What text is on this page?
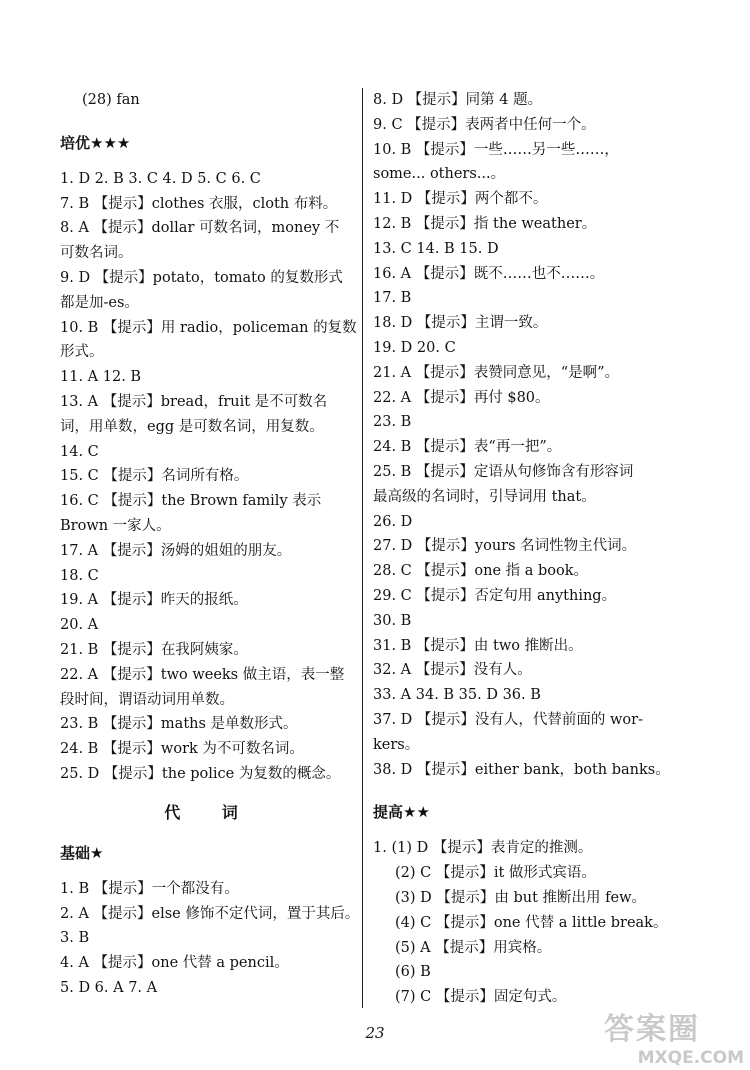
(28) fan
培优★★★
1. D 2. B 3. C 4. D 5. C 6. C
7. B 【提示】clothes 衣服，cloth 布料。
8. A 【提示】dollar 可数名词，money 不
可数名词。
9. D 【提示】potato，tomato 的复数形式
都是加-es。
10. B 【提示】用 radio，policeman 的复数
形式。
11. A 12. B
13. A 【提示】bread，fruit 是不可数名
词，用单数，egg 是可数名词，用复数。
14. C
15. C 【提示】名词所有格。
16. C 【提示】the Brown family 表示
Brown 一家人。
17. A 【提示】汤姆的姐姐的朋友。
18. C
19. A 【提示】昨天的报纸。
20. A
21. B 【提示】在我阿姨家。
22. A 【提示】two weeks 做主语，表一整
段时间，谓语动词用单数。
23. B 【提示】maths 是单数形式。
24. B 【提示】work 为不可数名词。
25. D 【提示】the police 为复数的概念。
代 词
基础★
1. B 【提示】一个都没有。
2. A 【提示】else 修饰不定代词，置于其后。
3. B
4. A 【提示】one 代替 a pencil。
5. D 6. A 7. A
8. D 【提示】同第 4 题。
9. C 【提示】表两者中任何一个。
10. B 【提示】一些……另一些……，
some... others...。
11. D 【提示】两个都不。
12. B 【提示】指 the weather。
13. C 14. B 15. D
16. A 【提示】既不……也不……。
17. B
18. D 【提示】主谓一致。
19. D 20. C
21. A 【提示】表赞同意见，“是啊”。
22. A 【提示】再付 $80。
23. B
24. B 【提示】表“再一把”。
25. B 【提示】定语从句修饰含有形容词
最高级的名词时，引导词用 that。
26. D
27. D 【提示】yours 名词性物主代词。
28. C 【提示】one 指 a book。
29. C 【提示】否定句用 anything。
30. B
31. B 【提示】由 two 推断出。
32. A 【提示】没有人。
33. A 34. B 35. D 36. B
37. D 【提示】没有人，代替前面的 wor-
kers。
38. D 【提示】either bank，both banks。
提高★★
1. (1) D 【提示】表肯定的推测。
(2) C 【提示】it 做形式宾语。
(3) D 【提示】由 but 推断出用 few。
(4) C 【提示】one 代替 a little break。
(5) A 【提示】用宾格。
(6) B
(7) C 【提示】固定句式。
23	答案圈
MXQE.COM
